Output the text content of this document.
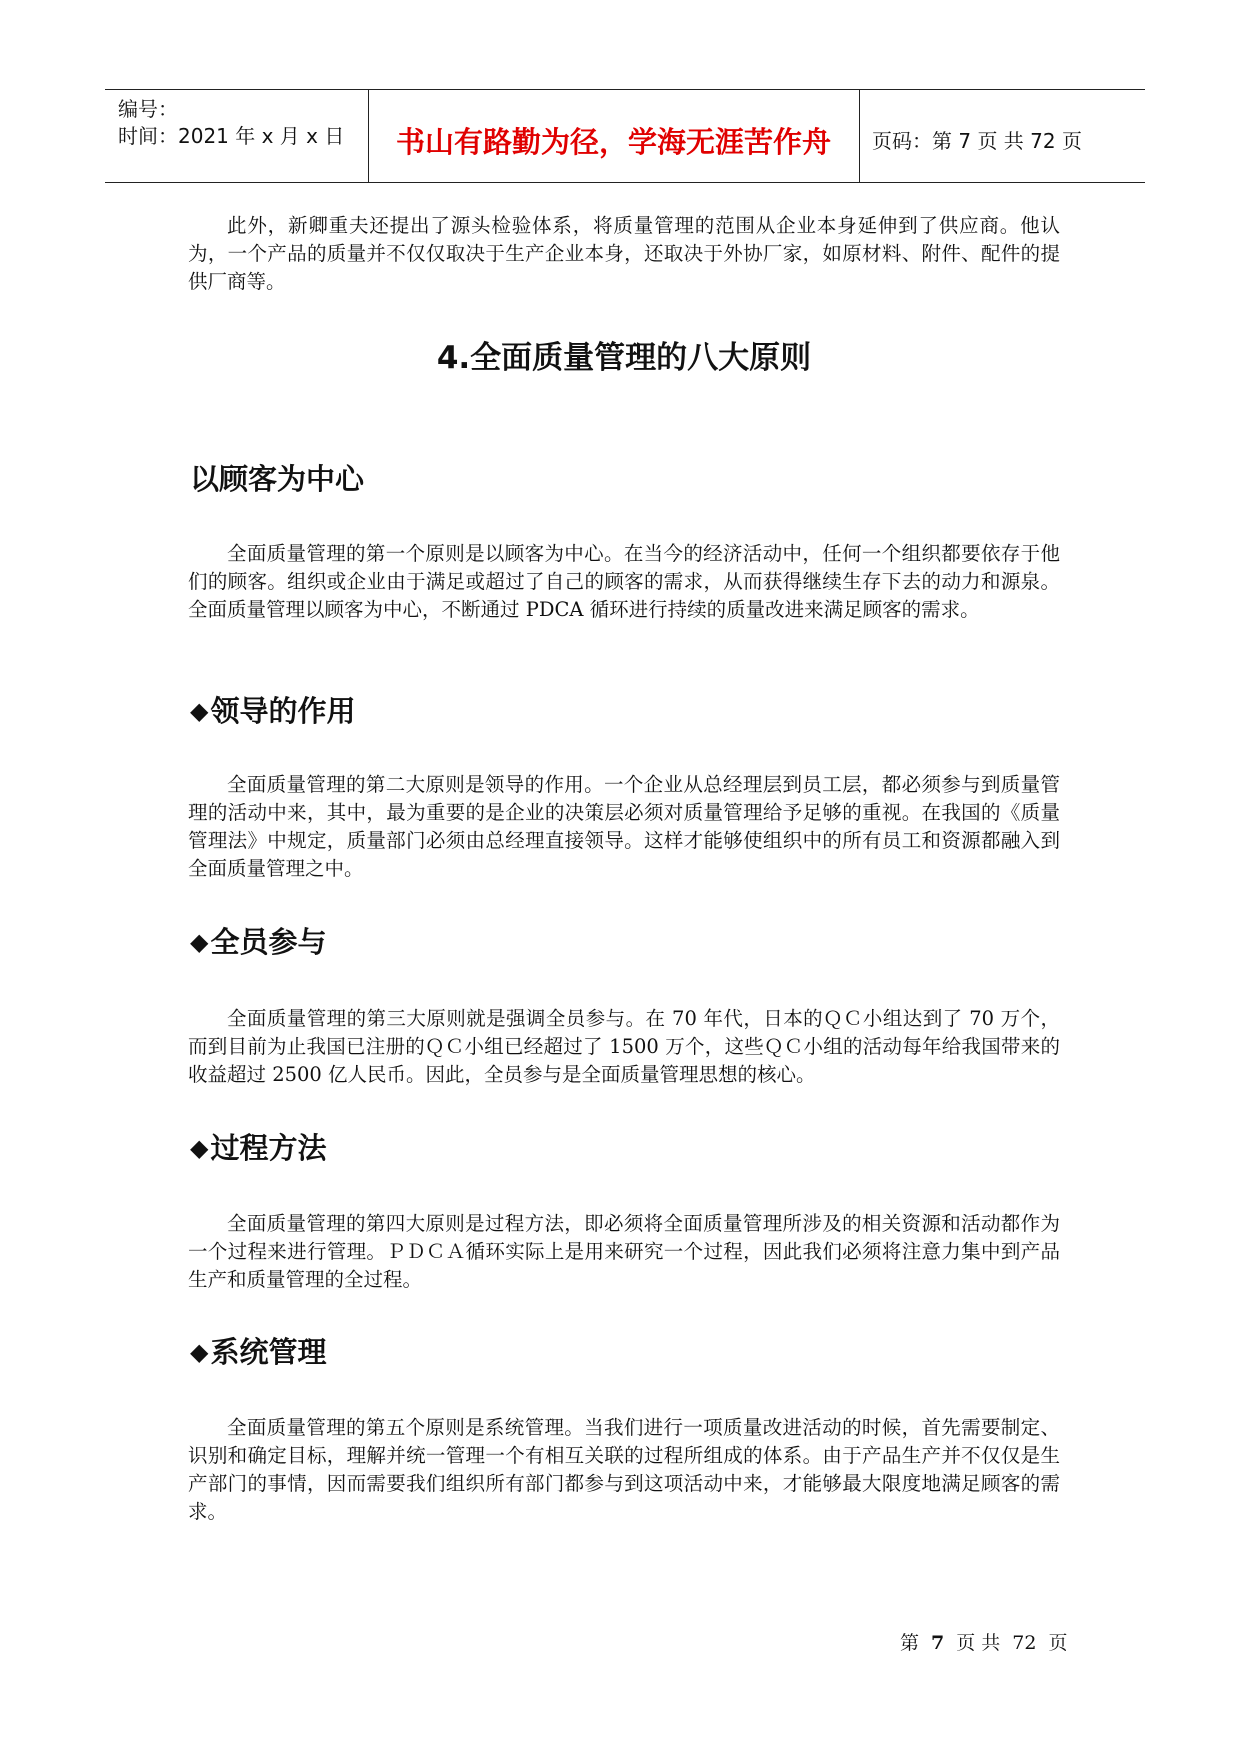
编号：
时间：2021 年 x 月 x 日	书山有路勤为径，学海无涯苦作舟	页码：第 7 页 共 72 页

此外，新卿重夫还提出了源头检验体系，将质量管理的范围从企业本身延伸到了供应商。他认为，一个产品的质量并不仅仅取决于生产企业本身，还取决于外协厂家，如原材料、附件、配件的提供厂商等。

4.全面质量管理的八大原则
以顾客为中心

全面质量管理的第一个原则是以顾客为中心。在当今的经济活动中，任何一个组织都要依存于他们的顾客。组织或企业由于满足或超过了自己的顾客的需求，从而获得继续生存下去的动力和源泉。全面质量管理以顾客为中心，不断通过 PDCA 循环进行持续的质量改进来满足顾客的需求。

◆领导的作用

全面质量管理的第二大原则是领导的作用。一个企业从总经理层到员工层，都必须参与到质量管理的活动中来，其中，最为重要的是企业的决策层必须对质量管理给予足够的重视。在我国的《质量管理法》中规定，质量部门必须由总经理直接领导。这样才能够使组织中的所有员工和资源都融入到全面质量管理之中。

◆全员参与

全面质量管理的第三大原则就是强调全员参与。在 70 年代，日本的ＱＣ小组达到了 70 万个，而到目前为止我国已注册的ＱＣ小组已经超过了 1500 万个，这些ＱＣ小组的活动每年给我国带来的收益超过 2500 亿人民币。因此，全员参与是全面质量管理思想的核心。

◆过程方法

全面质量管理的第四大原则是过程方法，即必须将全面质量管理所涉及的相关资源和活动都作为一个过程来进行管理。ＰＤＣＡ循环实际上是用来研究一个过程，因此我们必须将注意力集中到产品生产和质量管理的全过程。

◆系统管理

全面质量管理的第五个原则是系统管理。当我们进行一项质量改进活动的时候，首先需要制定、识别和确定目标，理解并统一管理一个有相互关联的过程所组成的体系。由于产品生产并不仅仅是生产部门的事情，因而需要我们组织所有部门都参与到这项活动中来，才能够最大限度地满足顾客的需求。

第 7 页 共 72 页
